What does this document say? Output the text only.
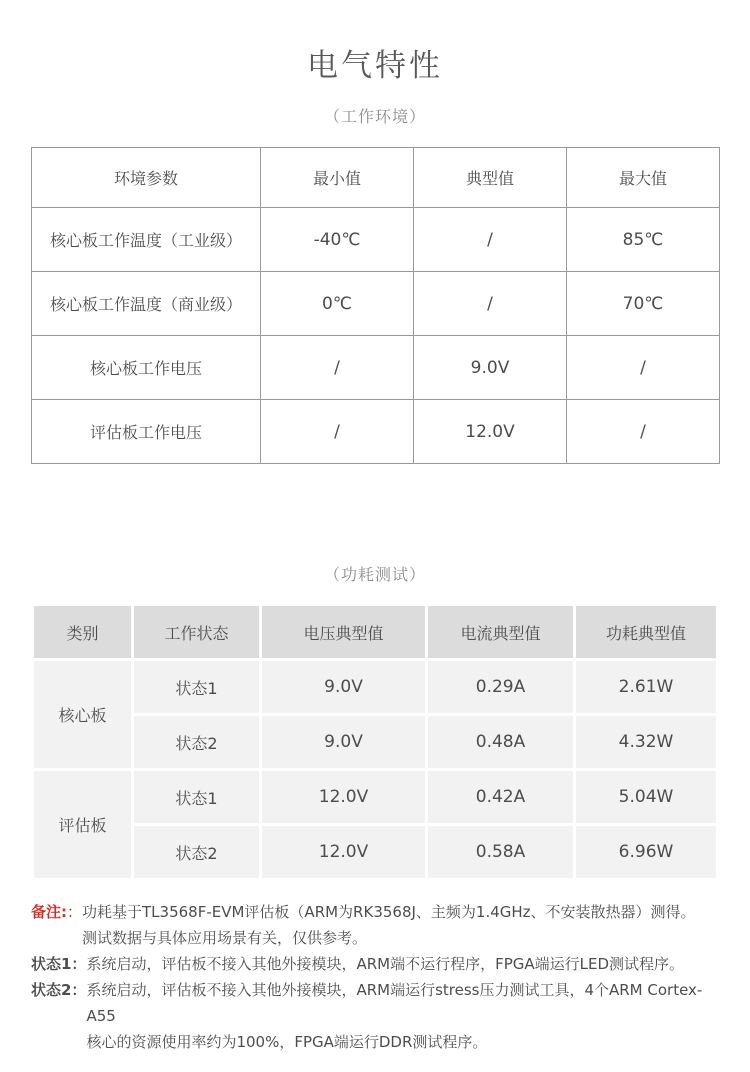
电气特性
（工作环境）
环境参数	最小值	典型值	最大值
核心板工作温度（工业级）	-40℃	/	85℃
核心板工作温度（商业级）	0℃	/	70℃
核心板工作电压	/	9.0V	/
评估板工作电压	/	12.0V	/
（功耗测试）
类别	工作状态	电压典型值	电流典型值	功耗典型值
核心板	状态1	9.0V	0.29A	2.61W
	状态2	9.0V	0.48A	4.32W
评估板	状态1	12.0V	0.42A	5.04W
	状态2	12.0V	0.58A	6.96W
备注:： 功耗基于TL3568F-EVM评估板（ARM为RK3568J、主频为1.4GHz、不安装散热器）测得。
测试数据与具体应用场景有关，仅供参考。
状态1： 系统启动，评估板不接入其他外接模块，ARM端不运行程序，FPGA端运行LED测试程序。
状态2： 系统启动，评估板不接入其他外接模块，ARM端运行stress压力测试工具，4个ARM Cortex-A55
核心的资源使用率约为100%，FPGA端运行DDR测试程序。
